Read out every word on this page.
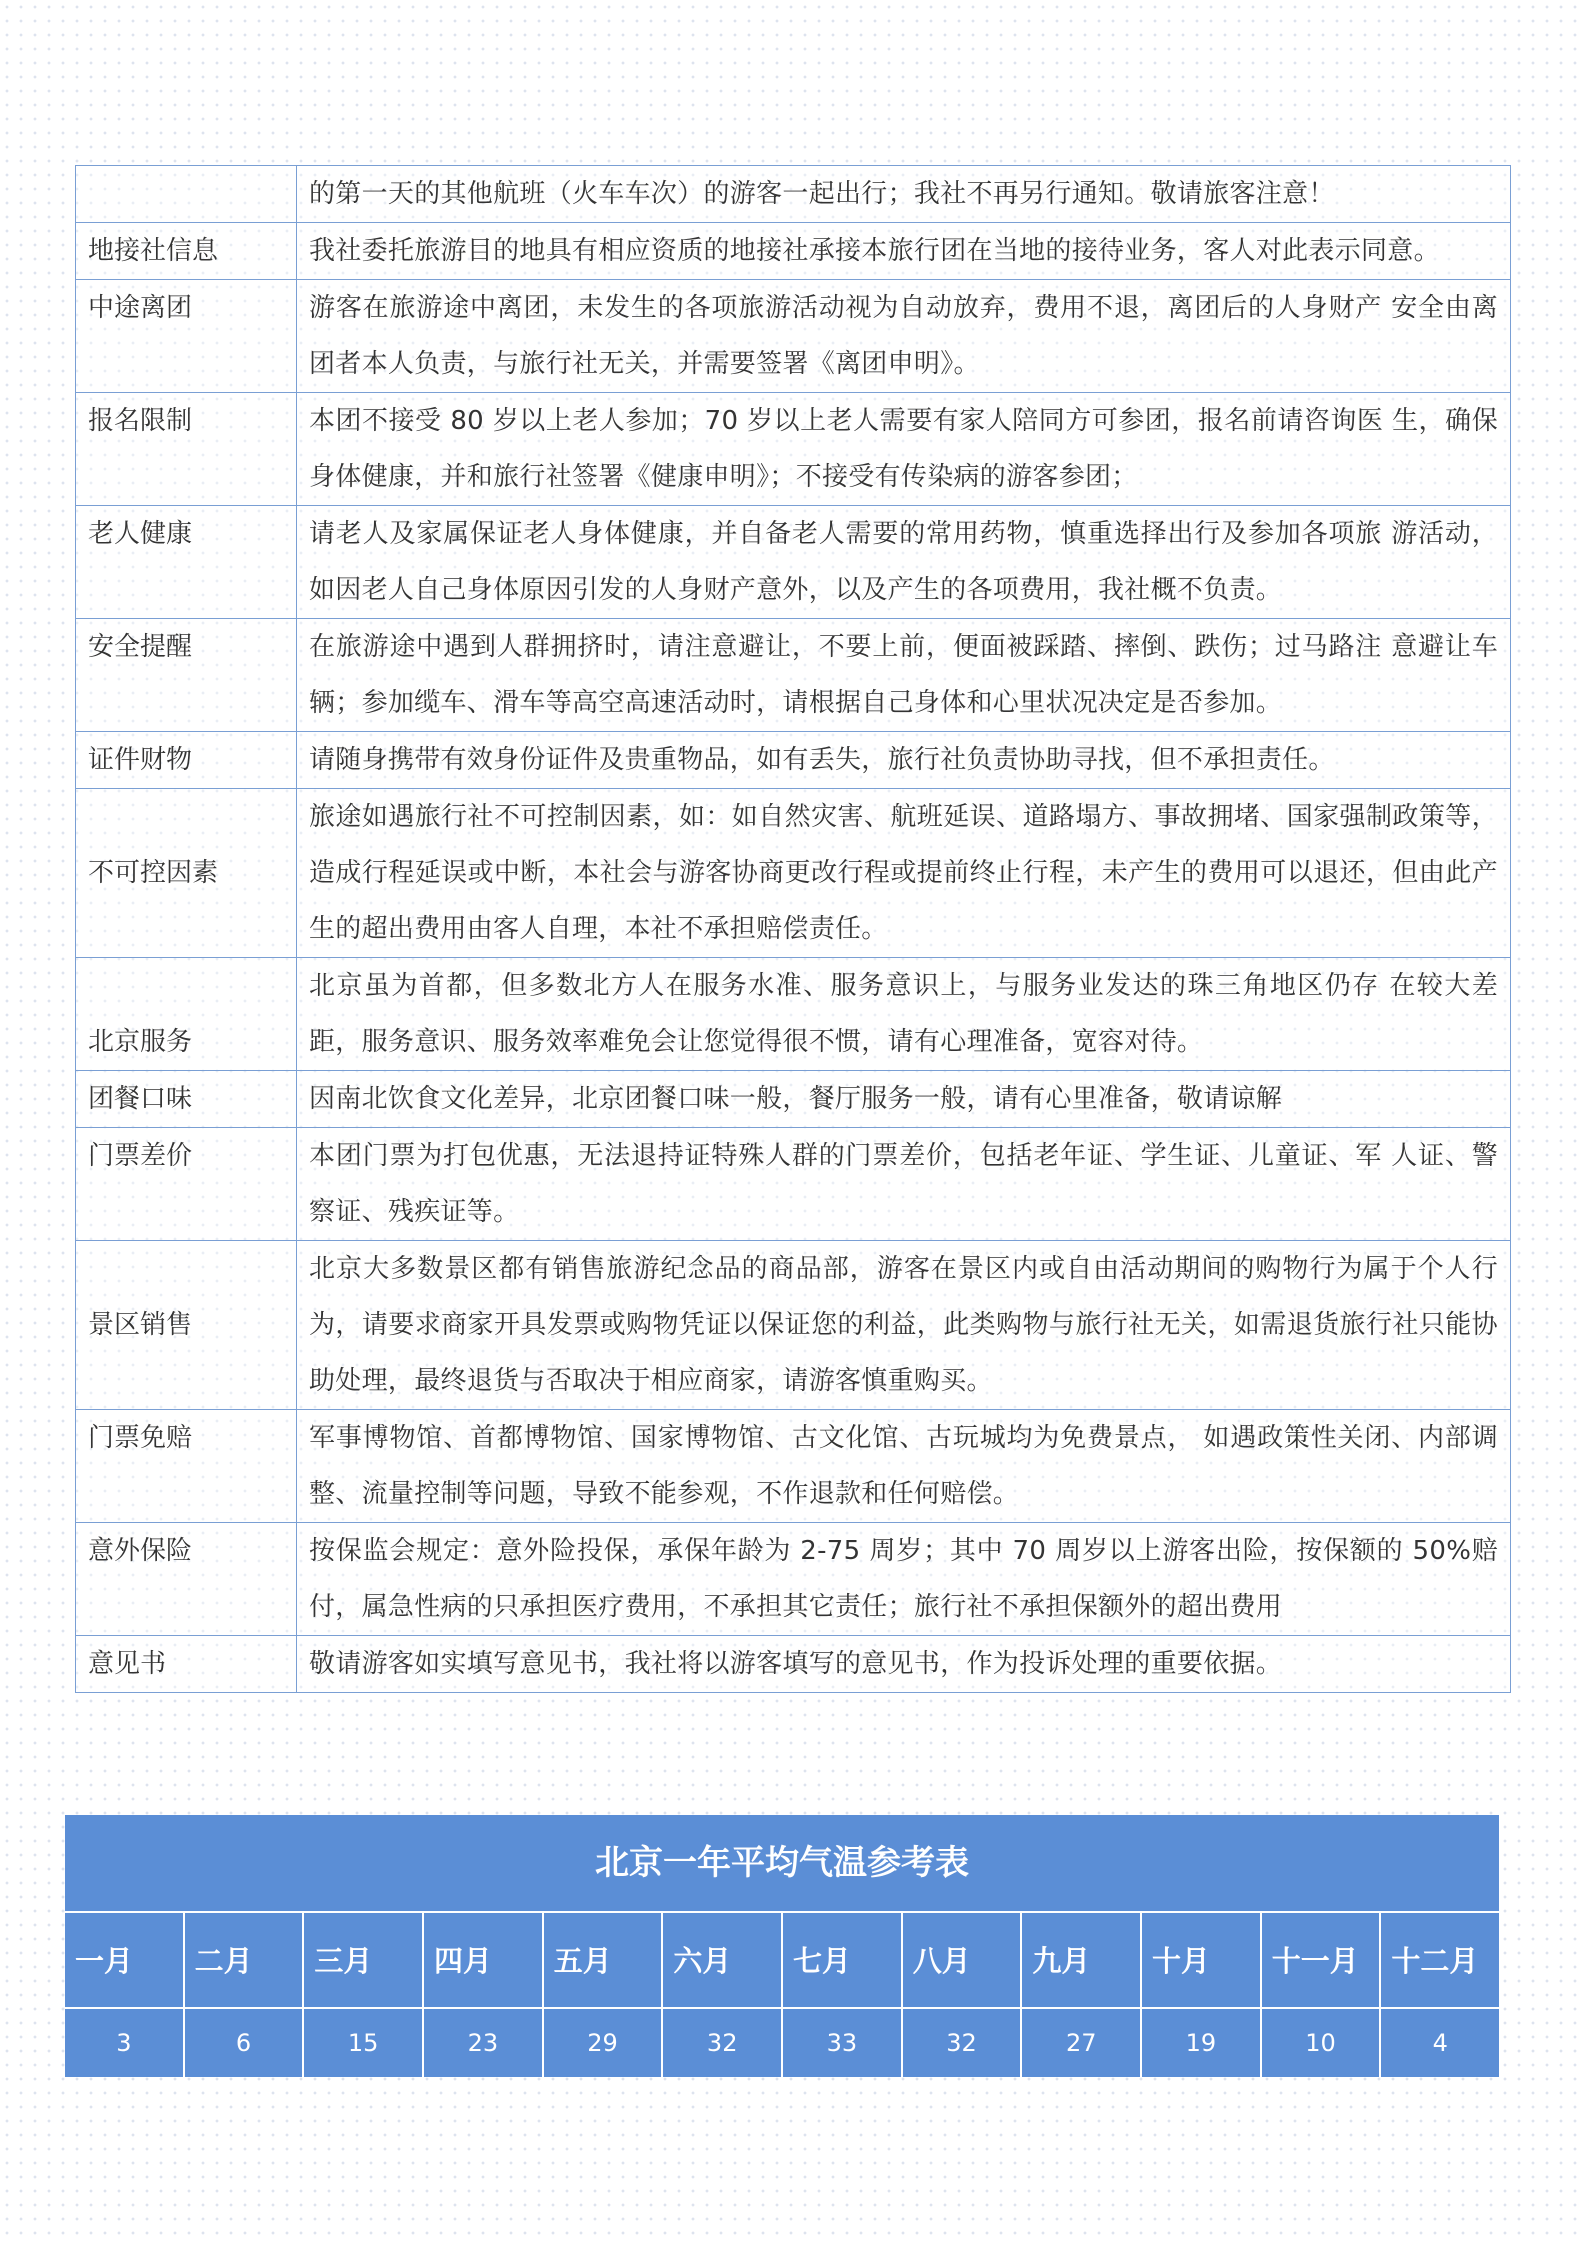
	的第一天的其他航班（火车车次）的游客一起出行；我社不再另行通知。敬请旅客注意！
地接社信息	我社委托旅游目的地具有相应资质的地接社承接本旅行团在当地的接待业务，客人对此表示同意。
中途离团	游客在旅游途中离团，未发生的各项旅游活动视为自动放弃，费用不退，离团后的人身财产 安全由离团者本人负责，与旅行社无关，并需要签署《离团申明》。
报名限制	本团不接受 80 岁以上老人参加；70 岁以上老人需要有家人陪同方可参团，报名前请咨询医 生，确保身体健康，并和旅行社签署《健康申明》；不接受有传染病的游客参团；
老人健康	请老人及家属保证老人身体健康，并自备老人需要的常用药物，慎重选择出行及参加各项旅 游活动，如因老人自己身体原因引发的人身财产意外，以及产生的各项费用，我社概不负责。
安全提醒	在旅游途中遇到人群拥挤时，请注意避让，不要上前，便面被踩踏、摔倒、跌伤；过马路注 意避让车辆；参加缆车、滑车等高空高速活动时，请根据自己身体和心里状况决定是否参加。
证件财物	请随身携带有效身份证件及贵重物品，如有丢失，旅行社负责协助寻找，但不承担责任。
不可控因素	旅途如遇旅行社不可控制因素，如：如自然灾害、航班延误、道路塌方、事故拥堵、国家强制政策等，造成行程延误或中断，本社会与游客协商更改行程或提前终止行程，未产生的费用可以退还，但由此产生的超出费用由客人自理，本社不承担赔偿责任。
北京服务	北京虽为首都，但多数北方人在服务水准、服务意识上，与服务业发达的珠三角地区仍存 在较大差距，服务意识、服务效率难免会让您觉得很不惯，请有心理准备，宽容对待。
团餐口味	因南北饮食文化差异，北京团餐口味一般，餐厅服务一般，请有心里准备，敬请谅解
门票差价	本团门票为打包优惠，无法退持证特殊人群的门票差价，包括老年证、学生证、儿童证、军 人证、警察证、残疾证等。
景区销售	北京大多数景区都有销售旅游纪念品的商品部，游客在景区内或自由活动期间的购物行为属于个人行为，请要求商家开具发票或购物凭证以保证您的利益，此类购物与旅行社无关，如需退货旅行社只能协助处理，最终退货与否取决于相应商家，请游客慎重购买。
门票免赔	军事博物馆、首都博物馆、国家博物馆、古文化馆、古玩城均为免费景点， 如遇政策性关闭、内部调整、流量控制等问题，导致不能参观，不作退款和任何赔偿。
意外保险	按保监会规定：意外险投保，承保年龄为 2-75 周岁；其中 70 周岁以上游客出险，按保额的 50%赔付，属急性病的只承担医疗费用，不承担其它责任；旅行社不承担保额外的超出费用
意见书	敬请游客如实填写意见书，我社将以游客填写的意见书，作为投诉处理的重要依据。
北京一年平均气温参考表
一月	二月	三月	四月	五月	六月	七月	八月	九月	十月	十一月	十二月
3	6	15	23	29	32	33	32	27	19	10	4
